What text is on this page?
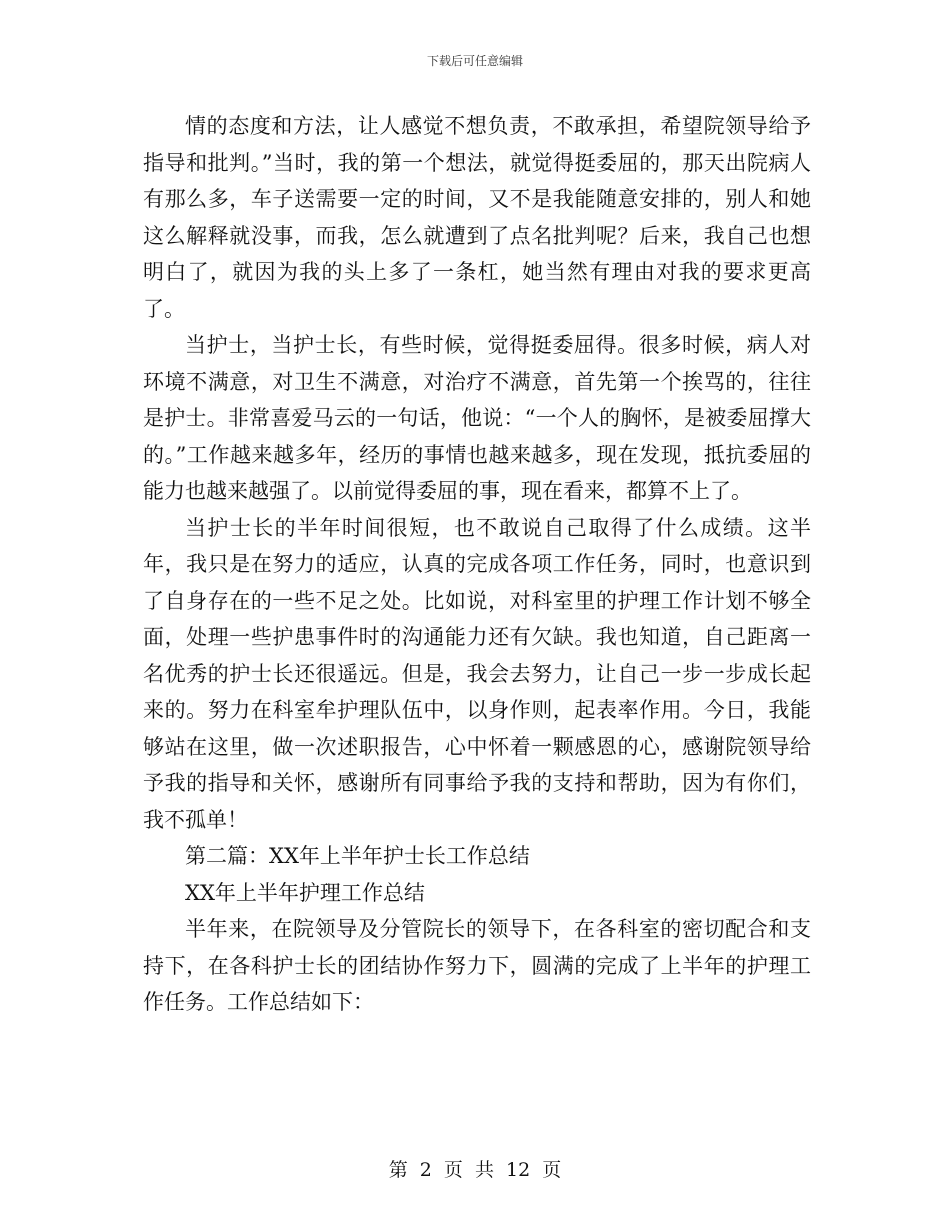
下载后可任意编辑

情的态度和方法，让人感觉不想负责，不敢承担，希望院领导给予指导和批判。”当时，我的第一个想法，就觉得挺委屈的，那天出院病人有那么多，车子送需要一定的时间，又不是我能随意安排的，别人和她这么解释就没事，而我，怎么就遭到了点名批判呢？后来，我自己也想明白了，就因为我的头上多了一条杠，她当然有理由对我的要求更高了。

当护士，当护士长，有些时候，觉得挺委屈得。很多时候，病人对环境不满意，对卫生不满意，对治疗不满意，首先第一个挨骂的，往往是护士。非常喜爱马云的一句话，他说：“一个人的胸怀，是被委屈撑大的。”工作越来越多年，经历的事情也越来越多，现在发现，抵抗委屈的能力也越来越强了。以前觉得委屈的事，现在看来，都算不上了。

当护士长的半年时间很短，也不敢说自己取得了什么成绩。这半年，我只是在努力的适应，认真的完成各项工作任务，同时，也意识到了自身存在的一些不足之处。比如说，对科室里的护理工作计划不够全面，处理一些护患事件时的沟通能力还有欠缺。我也知道，自己距离一名优秀的护士长还很遥远。但是，我会去努力，让自己一步一步成长起来的。努力在科室牟护理队伍中，以身作则，起表率作用。今日，我能够站在这里，做一次述职报告，心中怀着一颗感恩的心，感谢院领导给予我的指导和关怀，感谢所有同事给予我的支持和帮助，因为有你们，我不孤单！

第二篇：XX年上半年护士长工作总结

XX年上半年护理工作总结

半年来，在院领导及分管院长的领导下，在各科室的密切配合和支持下，在各科护士长的团结协作努力下，圆满的完成了上半年的护理工作任务。工作总结如下：

第 2 页 共 12 页
